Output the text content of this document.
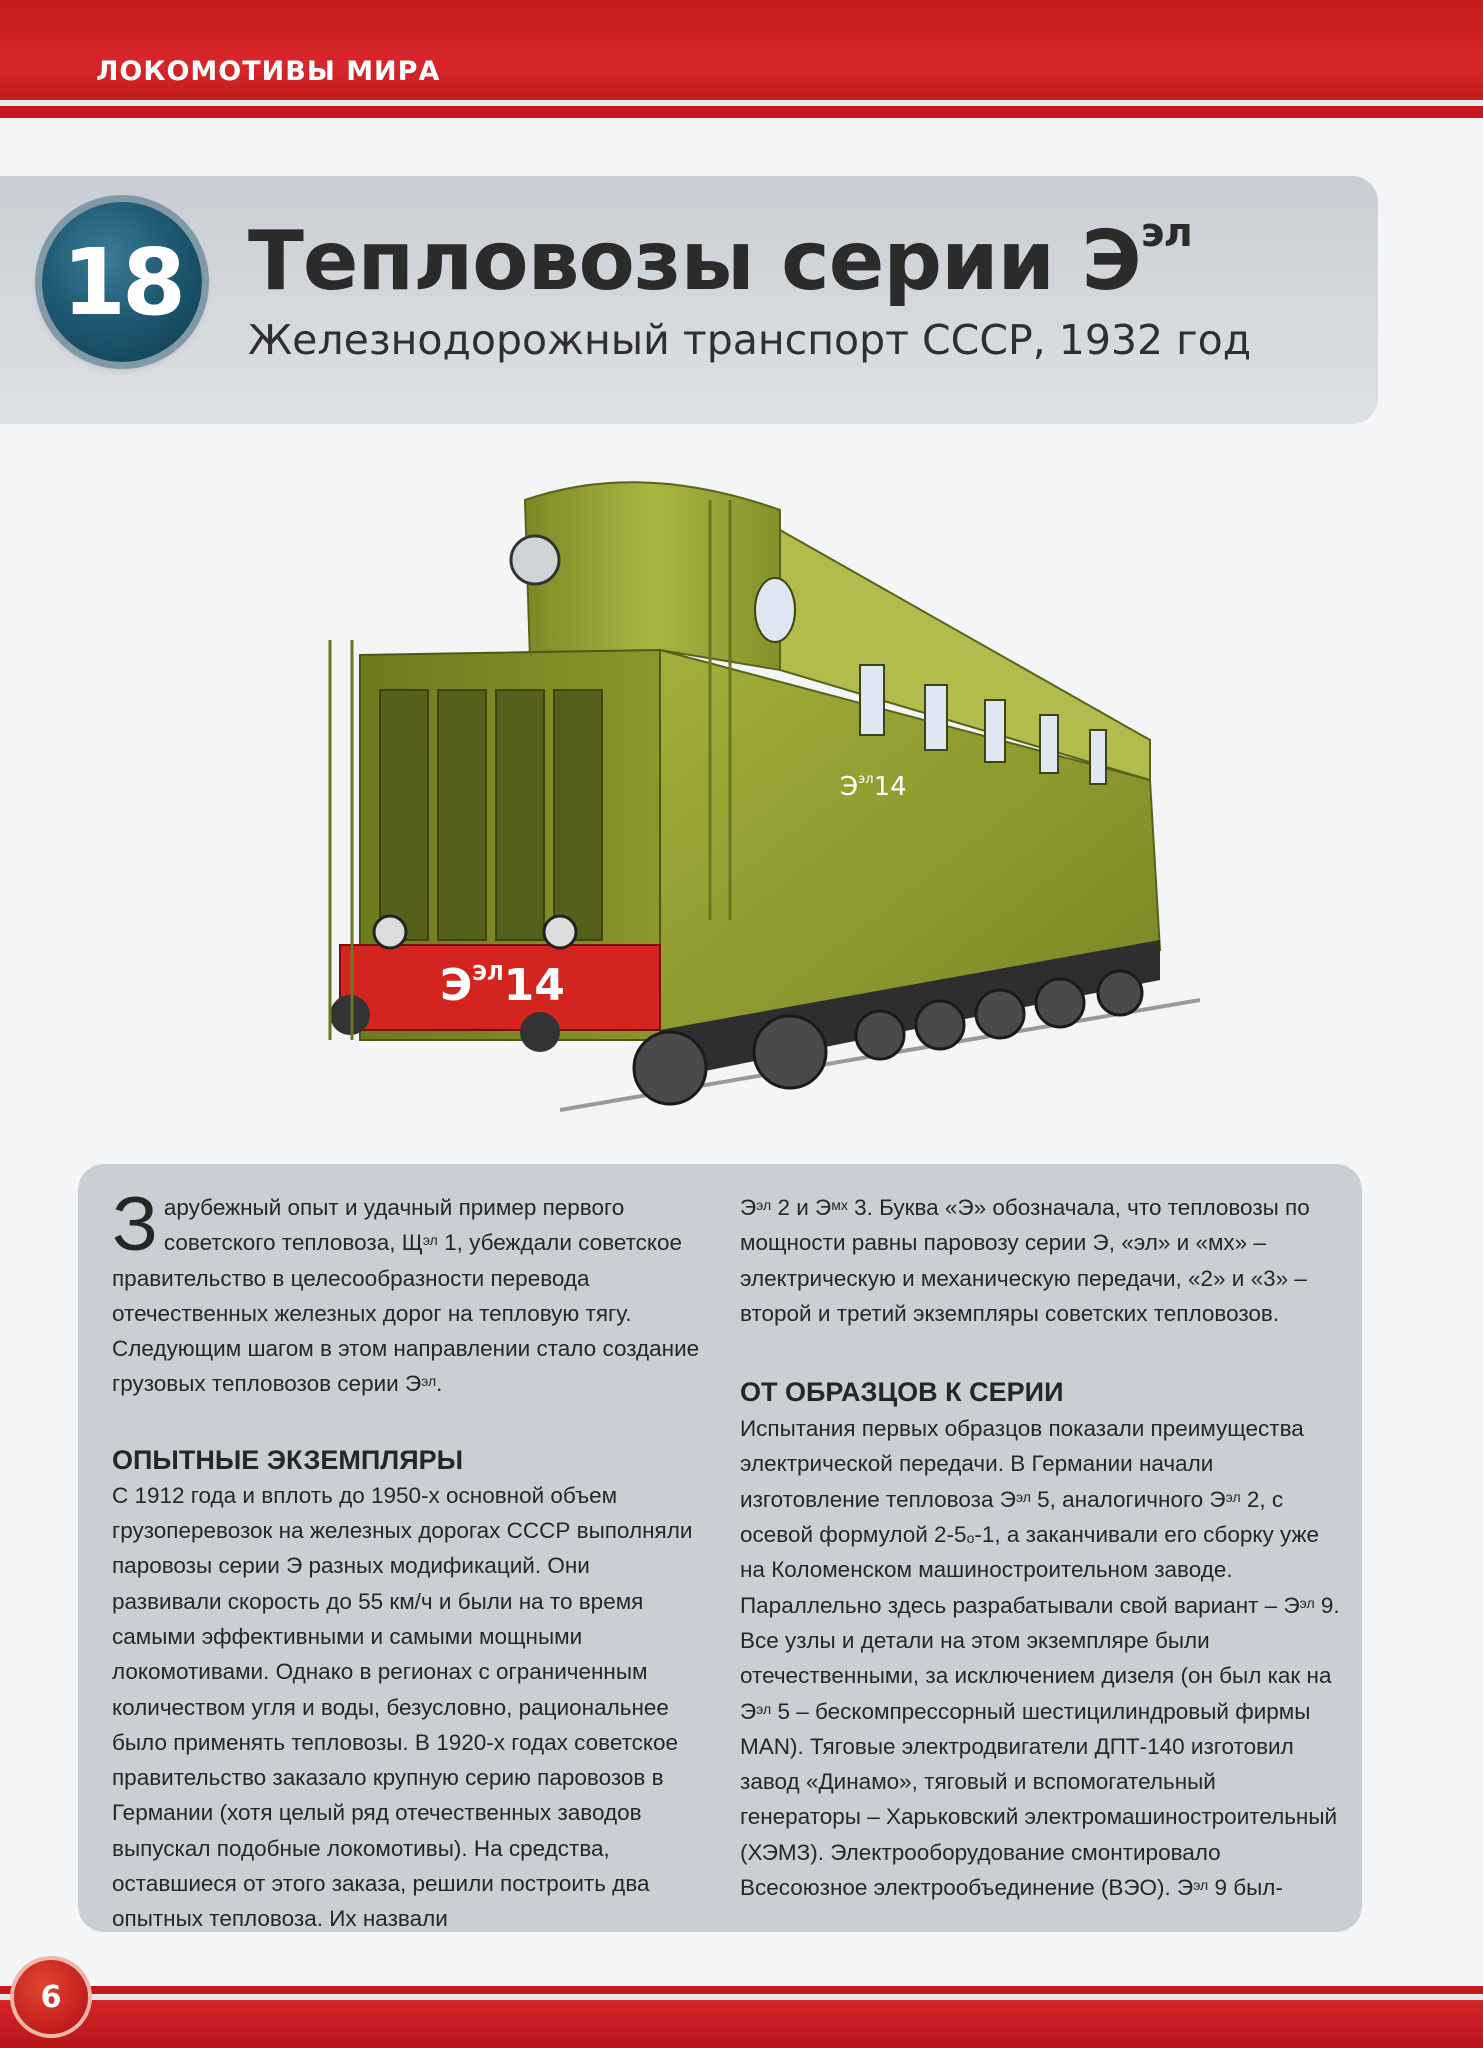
ЛОКОМОТИВЫ МИРА
18 Тепловозы серии $Э^{эл}$
Железнодорожный транспорт СССР, 1932 год
$Э^{эл}14$
$Э^{ЭЛ}14$

Зарубежный опыт и удачный пример первого советского тепловоза, $Щ^{эл}$ 1, убеждали советское правительство в целесообразности перевода отечественных железных дорог на тепловую тягу. Следующим шагом в этом направлении стало создание грузовых тепловозов серии $Э^{эл}$.

ОПЫТНЫЕ ЭКЗЕМПЛЯРЫ

С 1912 года и вплоть до 1950-х основной объем грузоперевозок на железных дорогах СССР выполняли паровозы серии Э разных модификаций. Они развивали скорость до 55 км/ч и были на то время самыми эффективными и самыми мощными локомотивами. Однако в регионах с ограниченным количеством угля и воды, безусловно, рациональнее было применять тепловозы. В 1920-х годах советское правительство заказало крупную серию паровозов в Германии (хотя целый ряд отечественных заводов выпускал подобные локомотивы). На средства, оставшиеся от этого заказа, решили построить два опытных тепловоза. Их назвали

$Э^{эл}$ 2 и $Э^{мх}$ 3. Буква «Э» обозначала, что тепловозы по мощности равны паровозу серии Э, «эл» и «мх» – электрическую и механическую передачи, «2» и «3» – второй и третий экземпляры советских тепловозов.

ОТ ОБРАЗЦОВ К СЕРИИ

Испытания первых образцов показали преимущества электрической передачи. В Германии начали изготовление тепловоза $Э^{эл}$ 5, аналогичного $Э^{эл}$ 2, с осевой формулой 2-5о-1, а заканчивали его сборку уже на Коломенском машиностроительном заводе. Параллельно здесь разрабатывали свой вариант – $Э^{эл}$ 9. Все узлы и детали на этом экземпляре были отечественными, за исключением дизеля (он был как на $Э^{эл}$ 5 – бескомпрессорный шестицилиндровый фирмы MAN). Тяговые электродвигатели ДПТ-140 изготовил завод «Динамо», тяговый и вспомогательный генераторы – Харьковский электромашиностроительный (ХЭМЗ). Электрооборудование смонтировало Всесоюзное электрообъединение (ВЭО). $Э^{эл}$ 9 был-

6
